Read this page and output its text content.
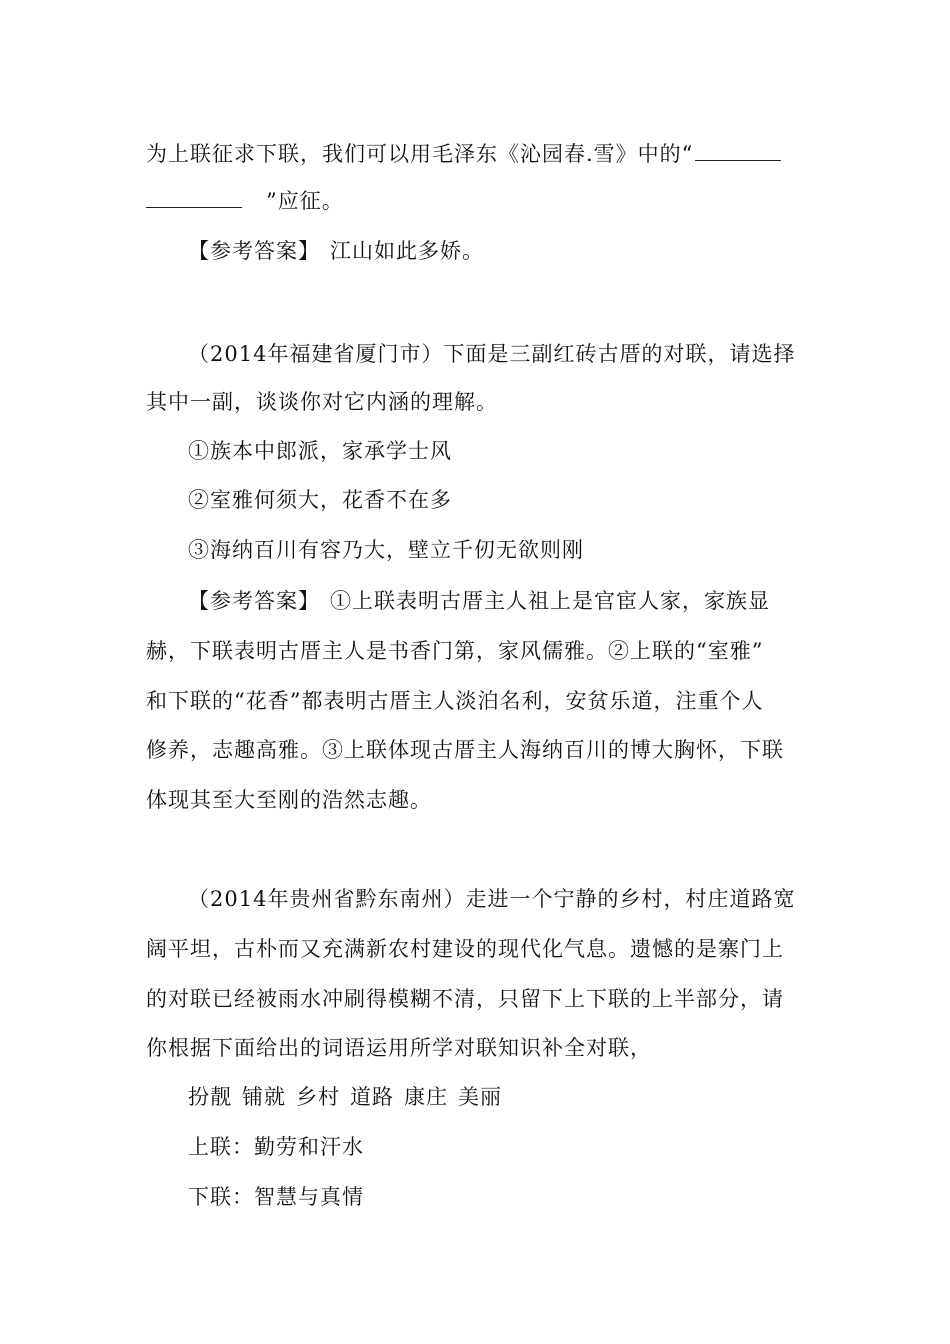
为上联征求下联，我们可以用毛泽东《沁园春.雪》中的“
”应征。
【参考答案】 江山如此多娇。
（2014年福建省厦门市）下面是三副红砖古厝的对联，请选择
其中一副，谈谈你对它内涵的理解。
①族本中郎派，家承学士风
②室雅何须大，花香不在多
③海纳百川有容乃大，壁立千仞无欲则刚
【参考答案】 ①上联表明古厝主人祖上是官宦人家，家族显
赫，下联表明古厝主人是书香门第，家风儒雅。②上联的“室雅”
和下联的“花香”都表明古厝主人淡泊名利，安贫乐道，注重个人
修养，志趣高雅。③上联体现古厝主人海纳百川的博大胸怀，下联
体现其至大至刚的浩然志趣。
（2014年贵州省黔东南州）走进一个宁静的乡村，村庄道路宽
阔平坦，古朴而又充满新农村建设的现代化气息。遗憾的是寨门上
的对联已经被雨水冲刷得模糊不清，只留下上下联的上半部分，请
你根据下面给出的词语运用所学对联知识补全对联，
扮靓 铺就 乡村 道路 康庄 美丽
上联：勤劳和汗水
下联：智慧与真情
